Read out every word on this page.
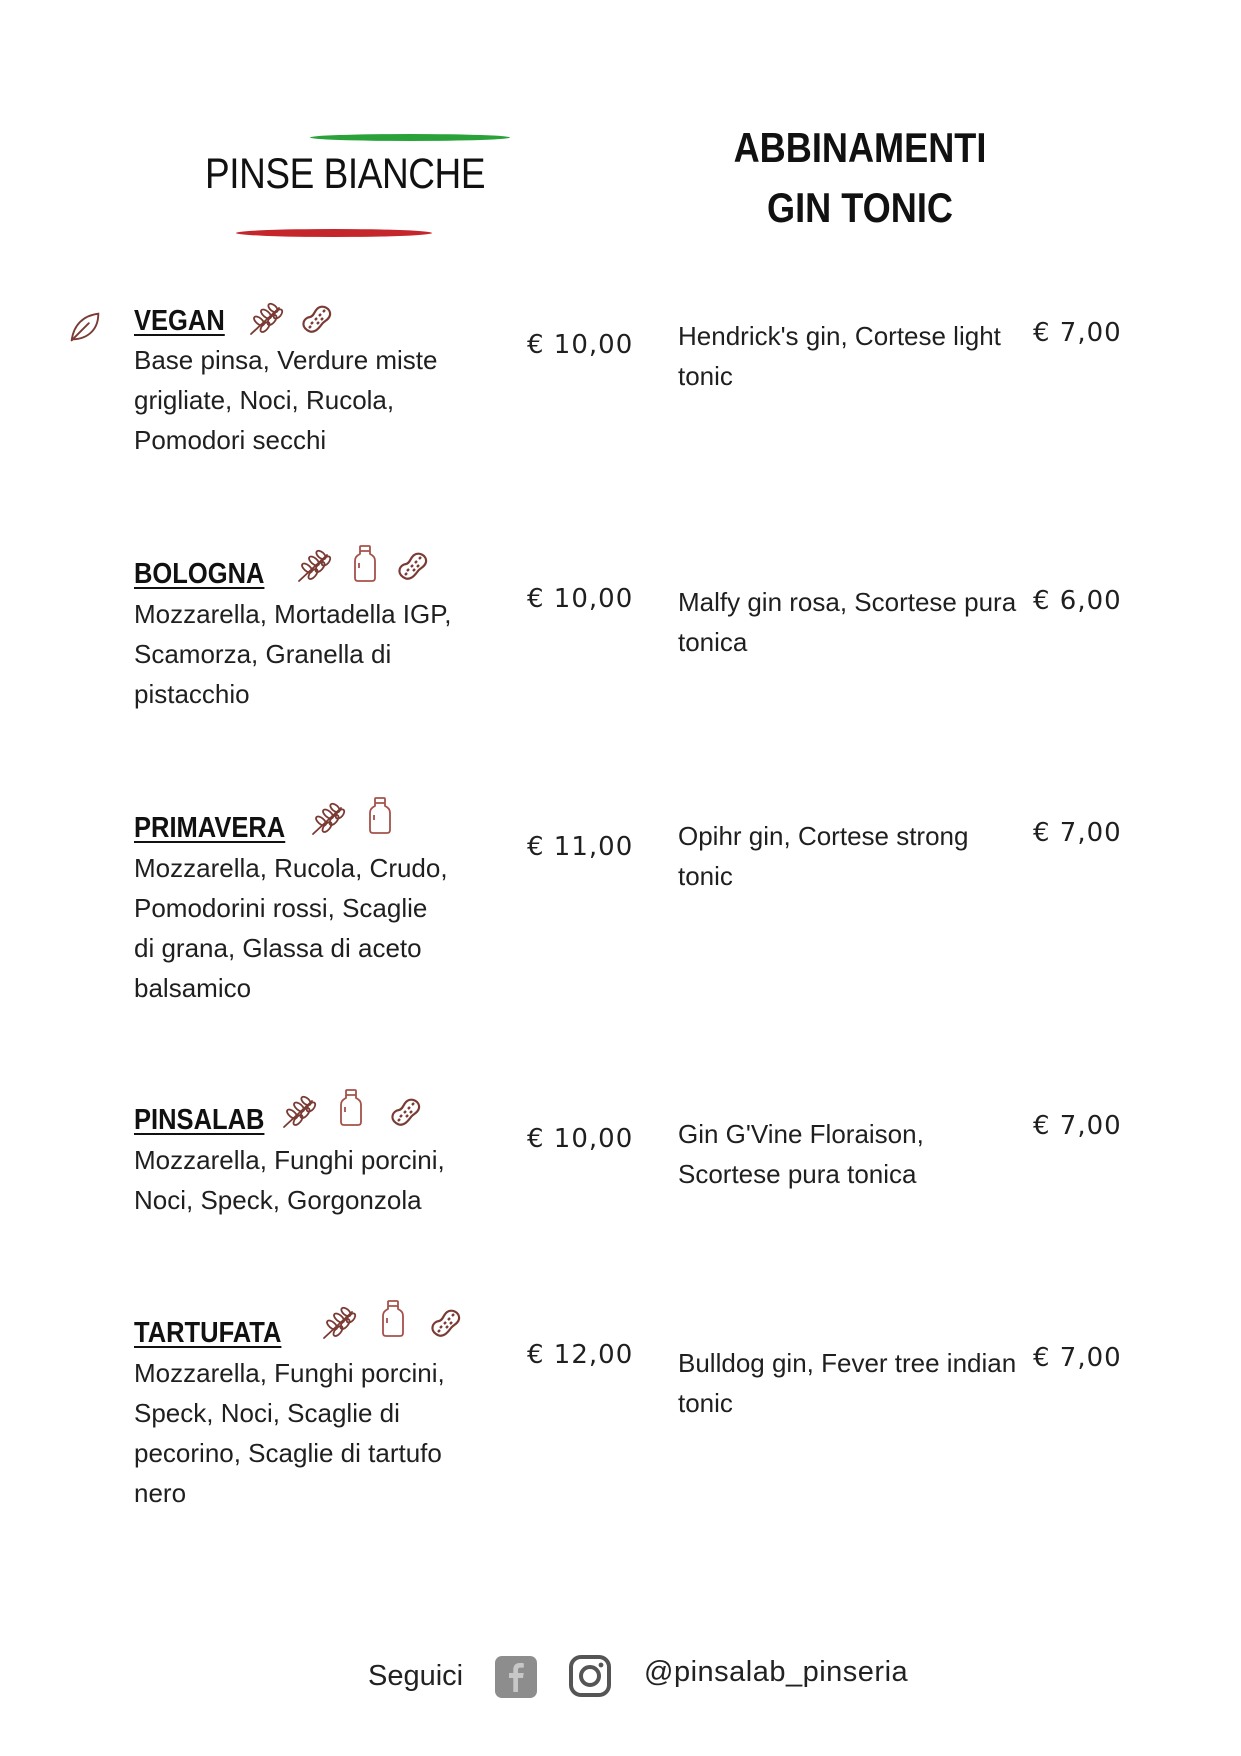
PINSE BIANCHE
ABBINAMENTI
GIN TONIC
VEGAN
Base pinsa, Verdure miste grigliate, Noci, Rucola, Pomodori secchi
€ 10,00 Hendrick's gin, Cortese light tonic
€ 7,00
BOLOGNA
Mozzarella, Mortadella IGP, Scamorza, Granella di pistacchio
€ 10,00 Malfy gin rosa, Scortese pura tonica
€ 6,00
PRIMAVERA
Mozzarella, Rucola, Crudo, Pomodorini rossi, Scaglie di grana, Glassa di aceto balsamico
€ 11,00 Opihr gin, Cortese strong tonic
€ 7,00
PINSALAB
Mozzarella, Funghi porcini, Noci, Speck, Gorgonzola
€ 10,00 Gin G'Vine Floraison, Scortese pura tonica
€ 7,00
TARTUFATA
Mozzarella, Funghi porcini, Speck, Noci, Scaglie di pecorino, Scaglie di tartufo nero
€ 12,00 Bulldog gin, Fever tree indian tonic
€ 7,00
Seguici	@pinsalab_pinseria
